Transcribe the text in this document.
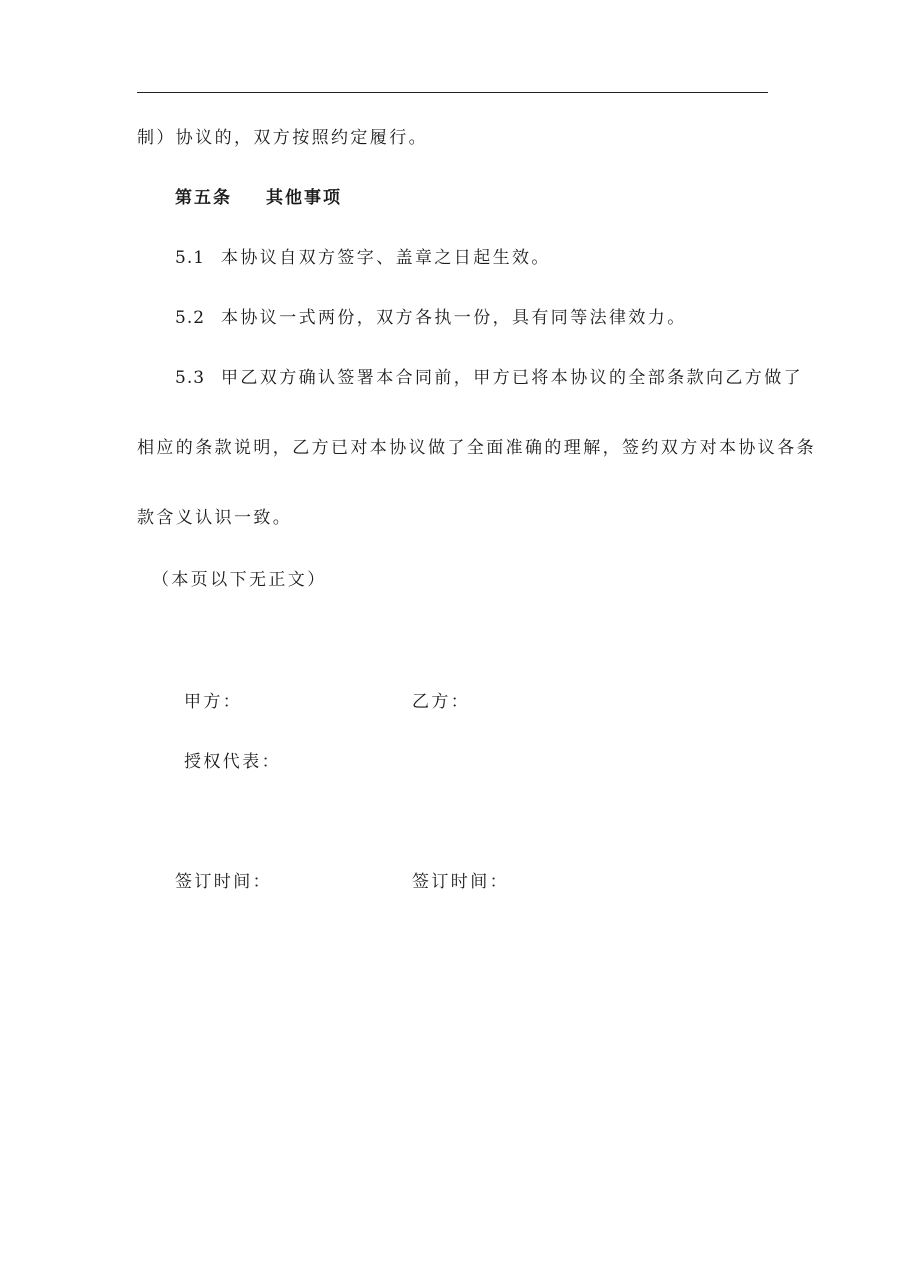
制）协议的，双方按照约定履行。
第五条 其他事项
5.1 本协议自双方签字、盖章之日起生效。
5.2 本协议一式两份，双方各执一份，具有同等法律效力。
5.3 甲乙双方确认签署本合同前，甲方已将本协议的全部条款向乙方做了
相应的条款说明，乙方已对本协议做了全面准确的理解，签约双方对本协议各条
款含义认识一致。
（本页以下无正文）
甲方：	乙方：
授权代表：
签订时间：	签订时间：
